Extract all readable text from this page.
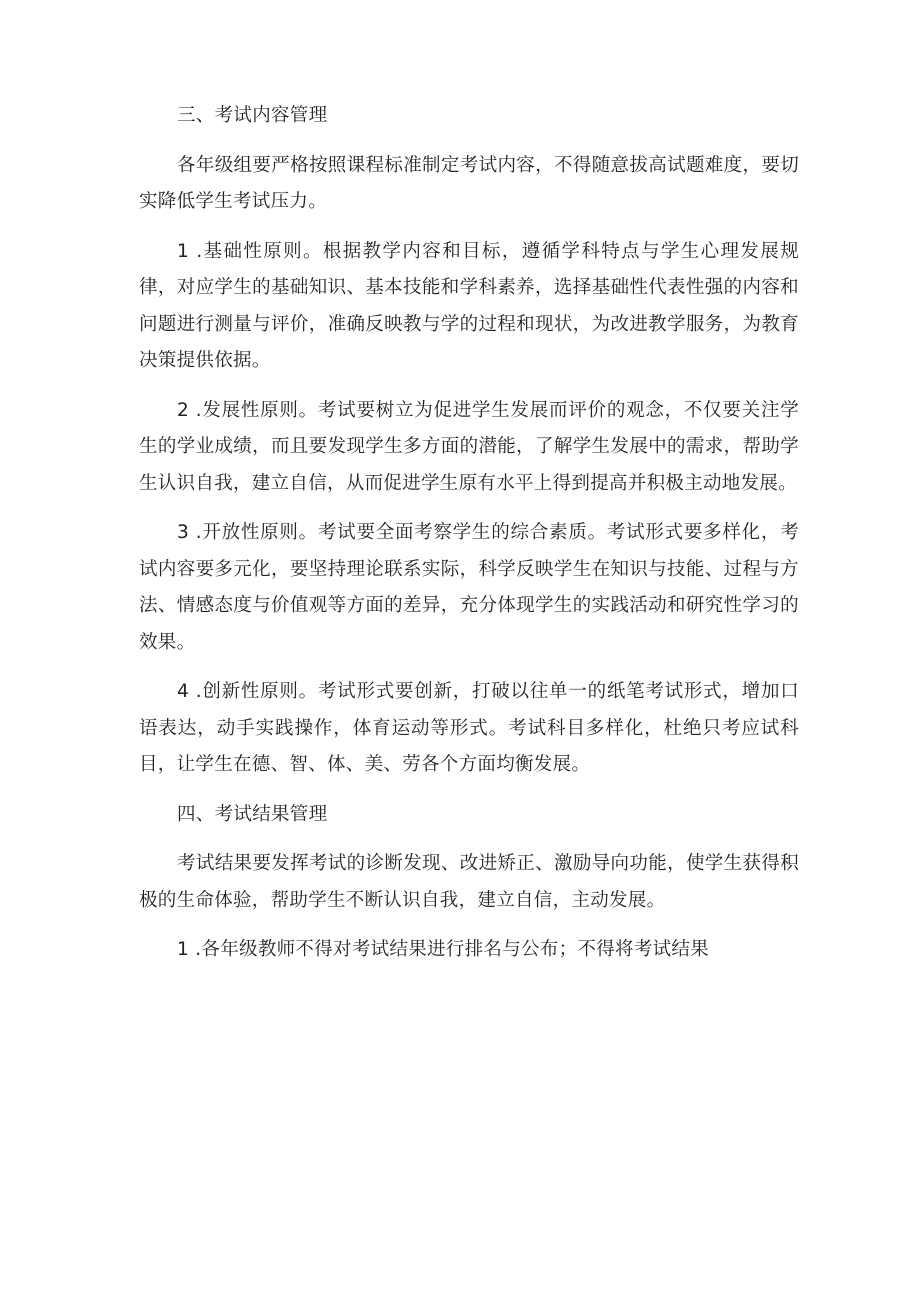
三、考试内容管理

各年级组要严格按照课程标准制定考试内容，不得随意拔高试题难度，要切实降低学生考试压力。

1 .基础性原则。根据教学内容和目标，遵循学科特点与学生心理发展规律，对应学生的基础知识、基本技能和学科素养，选择基础性代表性强的内容和问题进行测量与评价，准确反映教与学的过程和现状，为改进教学服务，为教育决策提供依据。

2 .发展性原则。考试要树立为促进学生发展而评价的观念，不仅要关注学生的学业成绩，而且要发现学生多方面的潜能，了解学生发展中的需求，帮助学生认识自我，建立自信，从而促进学生原有水平上得到提高并积极主动地发展。

3 .开放性原则。考试要全面考察学生的综合素质。考试形式要多样化，考试内容要多元化，要坚持理论联系实际，科学反映学生在知识与技能、过程与方法、情感态度与价值观等方面的差异，充分体现学生的实践活动和研究性学习的效果。

4 .创新性原则。考试形式要创新，打破以往单一的纸笔考试形式，增加口语表达，动手实践操作，体育运动等形式。考试科目多样化，杜绝只考应试科目，让学生在德、智、体、美、劳各个方面均衡发展。

四、考试结果管理

考试结果要发挥考试的诊断发现、改进矫正、激励导向功能，使学生获得积极的生命体验，帮助学生不断认识自我，建立自信，主动发展。

1 .各年级教师不得对考试结果进行排名与公布；不得将考试结果
